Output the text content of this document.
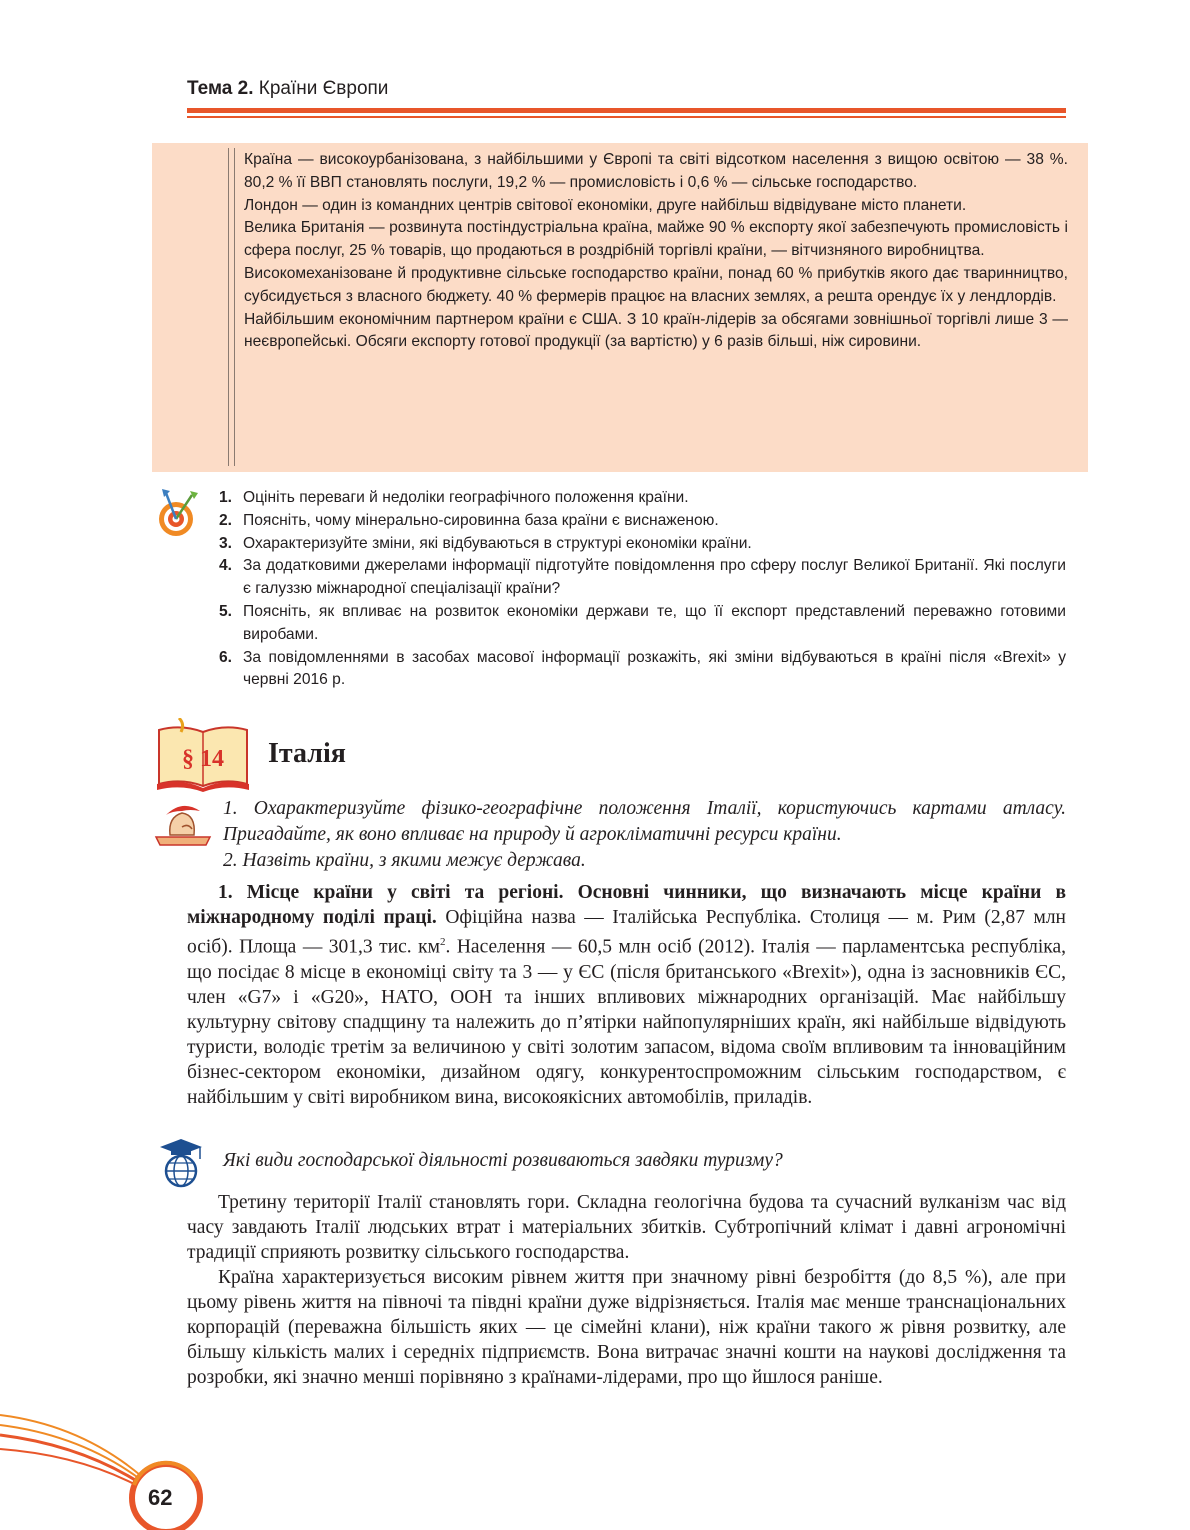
Тема 2. Країни Європи

Країна — високоурбанізована, з найбільшими у Європі та світі відсотком населення з вищою освітою — 38 %. 80,2 % її ВВП становлять послуги, 19,2 % — промисловість і 0,6 % — сільське господарство.

Лондон — один із командних центрів світової економіки, друге найбільш відвідуване місто планети.

Велика Британія — розвинута постіндустріальна країна, майже 90 % експорту якої забезпечують промисловість і сфера послуг, 25 % товарів, що продаються в роздрібній торгівлі країни, — вітчизняного виробництва.

Високомеханізоване й продуктивне сільське господарство країни, понад 60 % прибутків якого дає тваринництво, субсидується з власного бюджету. 40 % фермерів працює на власних землях, а решта орендує їх у лендлордів.

Найбільшим економічним партнером країни є США. З 10 країн-лідерів за обсягами зовнішньої торгівлі лише 3 — неєвропейські. Обсяги експорту готової продукції (за вартістю) у 6 разів більші, ніж сировини.

1. Оцініть переваги й недоліки географічного положення країни.
2. Поясніть, чому мінерально-сировинна база країни є виснаженою.
3. Охарактеризуйте зміни, які відбуваються в структурі економіки країни.
4. За додатковими джерелами інформації підготуйте повідомлення про сферу послуг Великої Британії. Які послуги є галуззю міжнародної спеціалізації країни?
5. Поясніть, як впливає на розвиток економіки держави те, що її експорт представлений переважно готовими виробами.
6. За повідомленнями в засобах масової інформації розкажіть, які зміни відбуваються в країні після «Brexit» у червні 2016 р.
§ 14 Італія

1. Охарактеризуйте фізико-географічне положення Італії, користуючись картами атласу. Пригадайте, як воно впливає на природу й агрокліматичні ресурси країни.

2. Назвіть країни, з якими межує держава.

1. Місце країни у світі та регіоні. Основні чинники, що визначають місце країни в міжнародному поділі праці. Офіційна назва — Італійська Республіка. Столиця — м. Рим (2,87 млн осіб). Площа — 301,3 тис. $км^2$. Населення — 60,5 млн осіб (2012). Італія — парламентська республіка, що посідає 8 місце в економіці світу та 3 — у ЄС (після британського «Brexit»), одна із засновників ЄС, член «G7» і «G20», НАТО, ООН та інших впливових міжнародних організацій. Має найбільшу культурну світову спадщину та належить до п’ятірки найпопулярніших країн, які найбільше відвідують туристи, володіє третім за величиною у світі золотим запасом, відома своїм впливовим та інноваційним бізнес-сектором економіки, дизайном одягу, конкурентоспроможним сільським господарством, є найбільшим у світі виробником вина, високоякісних автомобілів, приладів.

Які види господарської діяльності розвиваються завдяки туризму?

Третину території Італії становлять гори. Складна геологічна будова та сучасний вулканізм час від часу завдають Італії людських втрат і матеріальних збитків. Субтропічний клімат і давні агрономічні традиції сприяють розвитку сільського господарства.

Країна характеризується високим рівнем життя при значному рівні безробіття (до 8,5 %), але при цьому рівень життя на півночі та півдні країни дуже відрізняється. Італія має менше транснаціональних корпорацій (переважна більшість яких — це сімейні клани), ніж країни такого ж рівня розвитку, але більшу кількість малих і середніх підприємств. Вона витрачає значні кошти на наукові дослідження та розробки, які значно менші порівняно з країнами-лідерами, про що йшлося раніше.

62
